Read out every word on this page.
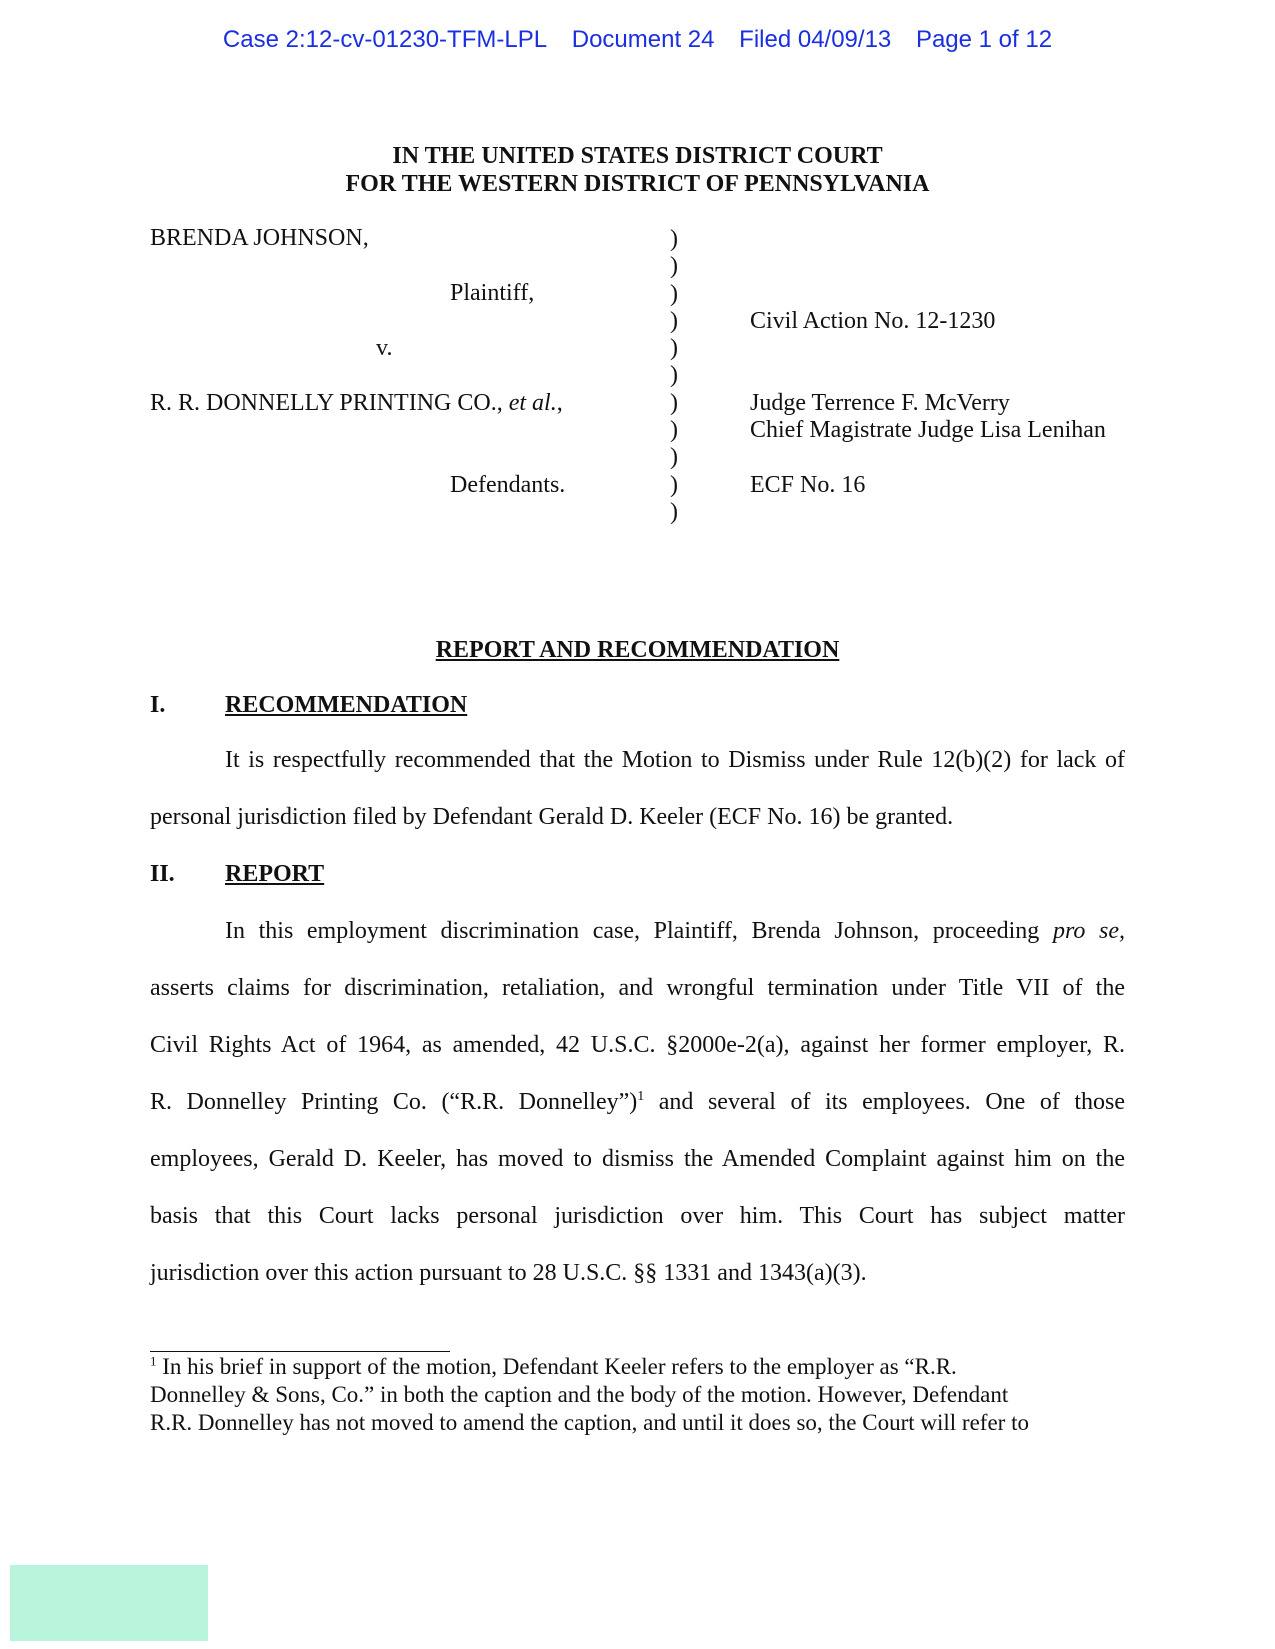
Case 2:12-cv-01230-TFM-LPL Document 24 Filed 04/09/13 Page 1 of 12
IN THE UNITED STATES DISTRICT COURT
FOR THE WESTERN DISTRICT OF PENNSYLVANIA
BRENDA JOHNSON,
Plaintiff,
v.
R. R. DONNELLY PRINTING CO., et al.,
Defendants.
)
)
)
)
)
)
)
)
)
)
)
Civil Action No. 12-1230
Judge Terrence F. McVerry
Chief Magistrate Judge Lisa Lenihan
ECF No. 16
REPORT AND RECOMMENDATION
I. RECOMMENDATION
It is respectfully recommended that the Motion to Dismiss under Rule 12(b)(2) for lack of
personal jurisdiction filed by Defendant Gerald D. Keeler (ECF No. 16) be granted.
II. REPORT
In this employment discrimination case, Plaintiff, Brenda Johnson, proceeding pro se,
asserts claims for discrimination, retaliation, and wrongful termination under Title VII of the
Civil Rights Act of 1964, as amended, 42 U.S.C. §2000e-2(a), against her former employer, R.
R. Donnelley Printing Co. (“R.R. Donnelley”)$^1$ and several of its employees. One of those
employees, Gerald D. Keeler, has moved to dismiss the Amended Complaint against him on the
basis that this Court lacks personal jurisdiction over him. This Court has subject matter
jurisdiction over this action pursuant to 28 U.S.C. §§ 1331 and 1343(a)(3).
$^1$ In his brief in support of the motion, Defendant Keeler refers to the employer as “R.R.
Donnelley & Sons, Co.” in both the caption and the body of the motion. However, Defendant
R.R. Donnelley has not moved to amend the caption, and until it does so, the Court will refer to
